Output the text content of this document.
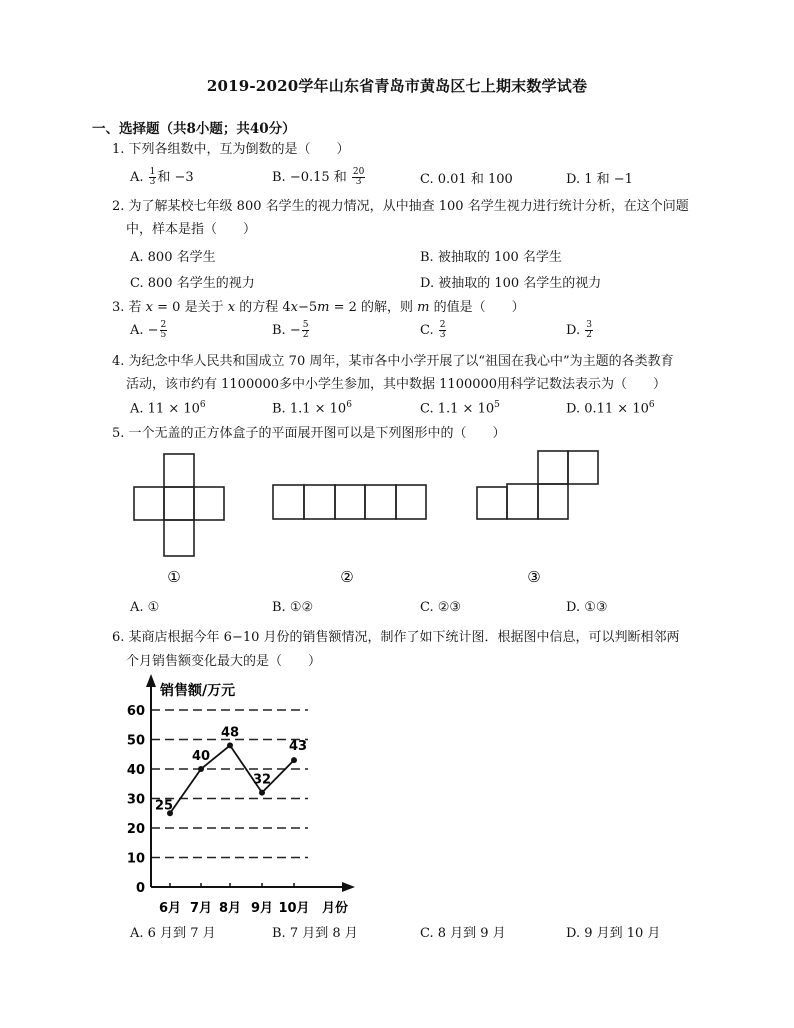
2019-2020学年山东省青岛市黄岛区七上期末数学试卷
一、选择题（共8小题；共40分）
1. 下列各组数中，互为倒数的是（　　）
A. $\frac{1}{3}$ 和 −3	B. −0.15 和 $\frac{20}{3}$	C. 0.01 和 100	D. 1 和 −1
2. 为了解某校七年级 800 名学生的视力情况，从中抽查 100 名学生视力进行统计分析，在这个问题
中，样本是指（　　）
A. 800 名学生	B. 被抽取的 100 名学生
C. 800 名学生的视力	D. 被抽取的 100 名学生的视力
3. 若 x = 0 是关于 x 的方程 4x−5m = 2 的解，则 m 的值是（　　）
A. − $\frac{2}{5}$	B. − $\frac{5}{2}$	C. $\frac{2}{3}$	D. $\frac{3}{2}$
4. 为纪念中华人民共和国成立 70 周年，某市各中小学开展了以“祖国在我心中”为主题的各类教育
活动，该市约有 1100000多中小学生参加，其中数据 1100000用科学记数法表示为（　　）
A. $11 \times 10^6$	B. $1.1 \times 10^6$	C. $1.1 \times 10^5$	D. $0.11 \times 10^6$
5. 一个无盖的正方体盒子的平面展开图可以是下列图形中的（　　）
①	②	③
A. ①	B. ①②	C. ②③	D. ①③
6. 某商店根据今年 6−10 月份的销售额情况，制作了如下统计图．根据图中信息，可以判断相邻两
个月销售额变化最大的是（　　）
销售额/万元
月份
0
10
20
30
40
50
60
6月 7月 8月 9月 10月
25
40
48
32
43
A. 6 月到 7 月	B. 7 月到 8 月	C. 8 月到 9 月	D. 9 月到 10 月
